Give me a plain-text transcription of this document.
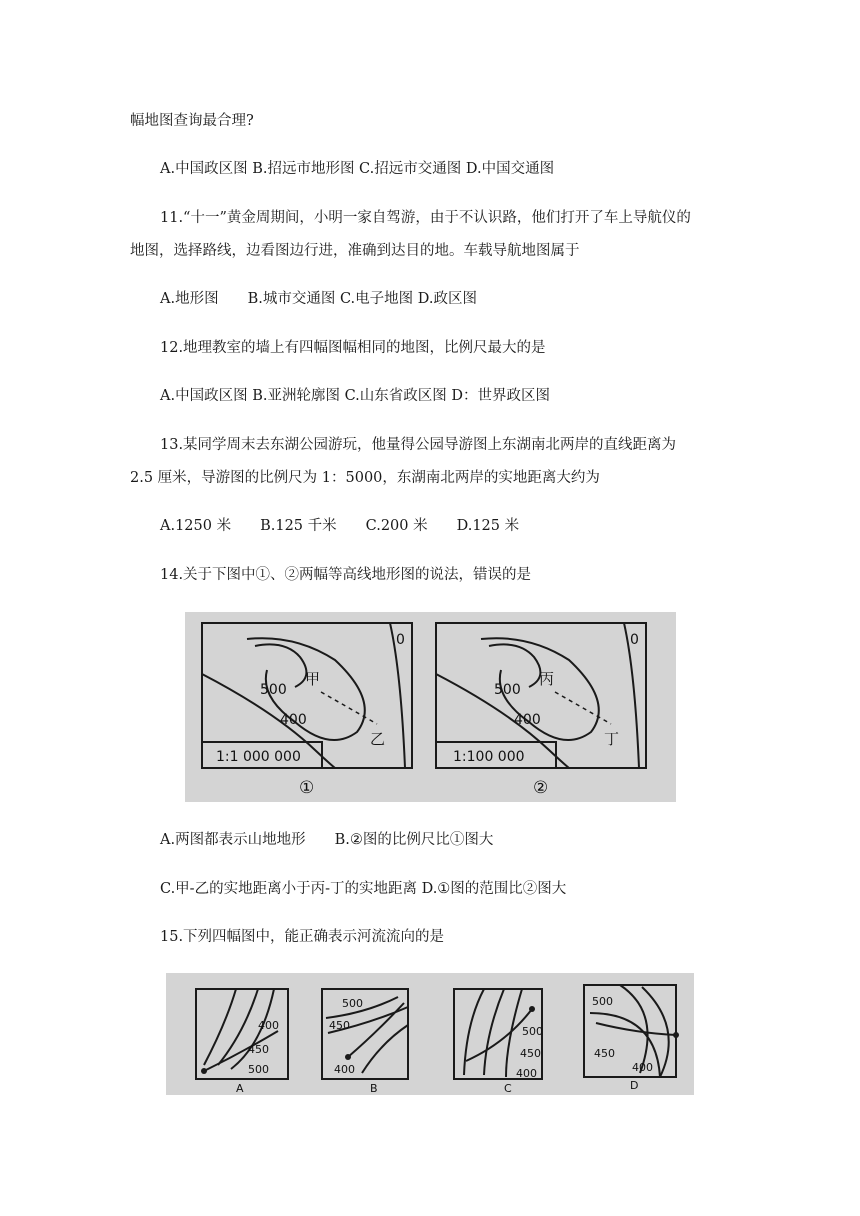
幅地图查询最合理?
A.中国政区图 B.招远市地形图 C.招远市交通图 D.中国交通图
11.“十一”黄金周期间，小明一家自驾游，由于不认识路，他们打开了车上导航仪的
地图，选择路线，边看图边行进，准确到达目的地。车载导航地图属于
A.地形图　　B.城市交通图 C.电子地图 D.政区图
12.地理教室的墙上有四幅图幅相同的地图，比例尺最大的是
A.中国政区图 B.亚洲轮廓图 C.山东省政区图 D：世界政区图
13.某同学周末去东湖公园游玩，他量得公园导游图上东湖南北两岸的直线距离为
2.5 厘米，导游图的比例尺为 1：5000，东湖南北两岸的实地距离大约为
A.1250 米　　B.125 千米　　C.200 米　　D.125 米
14.关于下图中①、②两幅等高线地形图的说法，错误的是
A.两图都表示山地地形　　B.②图的比例尺比①图大
C.甲-乙的实地距离小于丙-丁的实地距离 D.①图的范围比②图大
15.下列四幅图中，能正确表示河流流向的是
0
500
400
甲
乙
1:1 000 000
①
0
500
400
丙
丁
1:100 000
②
400
450
500
A
500
450
400
B
500
450
400
C
500
450
400
D
